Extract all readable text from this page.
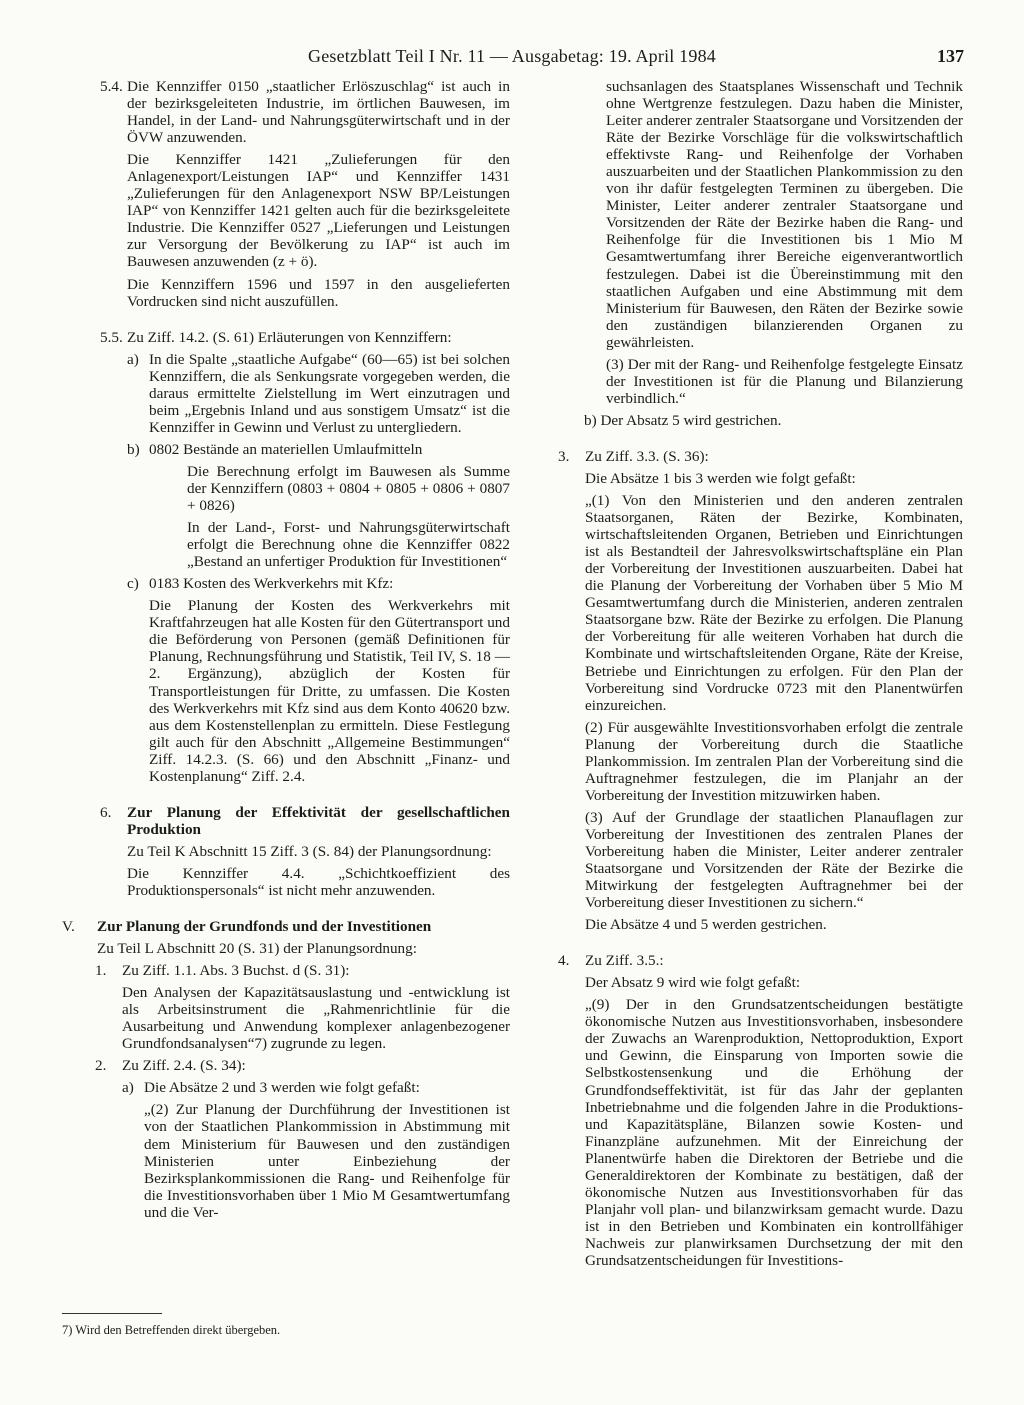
Gesetzblatt Teil I Nr. 11 — Ausgabetag: 19. April 1984	137
5.4. Die Kennziffer 0150 „staatlicher Erlöszuschlag“ ist auch in der bezirksgeleiteten Industrie, im örtlichen Bauwesen, im Handel, in der Land- und Nahrungsgüterwirtschaft und in der ÖVW anzuwenden.

Die Kennziffer 1421 „Zulieferungen für den Anlagenexport/Leistungen IAP“ und Kennziffer 1431 „Zulieferungen für den Anlagenexport NSW BP/Leistungen IAP“ von Kennziffer 1421 gelten auch für die bezirksgeleitete Industrie. Die Kennziffer 0527 „Lieferungen und Leistungen zur Versorgung der Bevölkerung zu IAP“ ist auch im Bauwesen anzuwenden (z + ö).

Die Kennziffern 1596 und 1597 in den ausgelieferten Vordrucken sind nicht auszufüllen.

5.5. Zu Ziff. 14.2. (S. 61) Erläuterungen von Kennziffern:

a) In die Spalte „staatliche Aufgabe“ (60—65) ist bei solchen Kennziffern, die als Senkungsrate vorgegeben werden, die daraus ermittelte Zielstellung im Wert einzutragen und beim „Ergebnis Inland und aus sonstigem Umsatz“ ist die Kennziffer in Gewinn und Verlust zu untergliedern.

b) 0802 Bestände an materiellen Umlaufmitteln

Die Berechnung erfolgt im Bauwesen als Summe der Kennziffern (0803 + 0804 + 0805 + 0806 + 0807 + 0826)

In der Land-, Forst- und Nahrungsgüterwirtschaft erfolgt die Berechnung ohne die Kennziffer 0822 „Bestand an unfertiger Produktion für Investitionen“

c) 0183 Kosten des Werkverkehrs mit Kfz:

Die Planung der Kosten des Werkverkehrs mit Kraftfahrzeugen hat alle Kosten für den Gütertransport und die Beförderung von Personen (gemäß Definitionen für Planung, Rechnungsführung und Statistik, Teil IV, S. 18 — 2. Ergänzung), abzüglich der Kosten für Transportleistungen für Dritte, zu umfassen. Die Kosten des Werkverkehrs mit Kfz sind aus dem Konto 40620 bzw. aus dem Kostenstellenplan zu ermitteln. Diese Festlegung gilt auch für den Abschnitt „Allgemeine Bestimmungen“ Ziff. 14.2.3. (S. 66) und den Abschnitt „Finanz- und Kostenplanung“ Ziff. 2.4.

6. Zur Planung der Effektivität der gesellschaftlichen Produktion

Zu Teil K Abschnitt 15 Ziff. 3 (S. 84) der Planungsordnung:

Die Kennziffer 4.4. „Schichtkoeffizient des Produktionspersonals“ ist nicht mehr anzuwenden.

V. Zur Planung der Grundfonds und der Investitionen

Zu Teil L Abschnitt 20 (S. 31) der Planungsordnung:

1. Zu Ziff. 1.1. Abs. 3 Buchst. d (S. 31):

Den Analysen der Kapazitätsauslastung und -entwicklung ist als Arbeitsinstrument die „Rahmenrichtlinie für die Ausarbeitung und Anwendung komplexer anlagenbezogener Grundfondsanalysen“7) zugrunde zu legen.

2. Zu Ziff. 2.4. (S. 34):

a) Die Absätze 2 und 3 werden wie folgt gefaßt:

„(2) Zur Planung der Durchführung der Investitionen ist von der Staatlichen Plankommission in Abstimmung mit dem Ministerium für Bauwesen und den zuständigen Ministerien unter Einbeziehung der Bezirksplankommissionen die Rang- und Reihenfolge für die Investitionsvorhaben über 1 Mio M Gesamtwertumfang und die Ver-

7) Wird den Betreffenden direkt übergeben.

suchsanlagen des Staatsplanes Wissenschaft und Technik ohne Wertgrenze festzulegen. Dazu haben die Minister, Leiter anderer zentraler Staatsorgane und Vorsitzenden der Räte der Bezirke Vorschläge für die volkswirtschaftlich effektivste Rang- und Reihenfolge der Vorhaben auszuarbeiten und der Staatlichen Plankommission zu den von ihr dafür festgelegten Terminen zu übergeben. Die Minister, Leiter anderer zentraler Staatsorgane und Vorsitzenden der Räte der Bezirke haben die Rang- und Reihenfolge für die Investitionen bis 1 Mio M Gesamtwertumfang ihrer Bereiche eigenverantwortlich festzulegen. Dabei ist die Übereinstimmung mit den staatlichen Aufgaben und eine Abstimmung mit dem Ministerium für Bauwesen, den Räten der Bezirke sowie den zuständigen bilanzierenden Organen zu gewährleisten.

(3) Der mit der Rang- und Reihenfolge festgelegte Einsatz der Investitionen ist für die Planung und Bilanzierung verbindlich.“

b) Der Absatz 5 wird gestrichen.

3. Zu Ziff. 3.3. (S. 36):

Die Absätze 1 bis 3 werden wie folgt gefaßt:

„(1) Von den Ministerien und den anderen zentralen Staatsorganen, Räten der Bezirke, Kombinaten, wirtschaftsleitenden Organen, Betrieben und Einrichtungen ist als Bestandteil der Jahresvolkswirtschaftspläne ein Plan der Vorbereitung der Investitionen auszuarbeiten. Dabei hat die Planung der Vorbereitung der Vorhaben über 5 Mio M Gesamtwertumfang durch die Ministerien, anderen zentralen Staatsorgane bzw. Räte der Bezirke zu erfolgen. Die Planung der Vorbereitung für alle weiteren Vorhaben hat durch die Kombinate und wirtschaftsleitenden Organe, Räte der Kreise, Betriebe und Einrichtungen zu erfolgen. Für den Plan der Vorbereitung sind Vordrucke 0723 mit den Planentwürfen einzureichen.

(2) Für ausgewählte Investitionsvorhaben erfolgt die zentrale Planung der Vorbereitung durch die Staatliche Plankommission. Im zentralen Plan der Vorbereitung sind die Auftragnehmer festzulegen, die im Planjahr an der Vorbereitung der Investition mitzuwirken haben.

(3) Auf der Grundlage der staatlichen Planauflagen zur Vorbereitung der Investitionen des zentralen Planes der Vorbereitung haben die Minister, Leiter anderer zentraler Staatsorgane und Vorsitzenden der Räte der Bezirke die Mitwirkung der festgelegten Auftragnehmer bei der Vorbereitung dieser Investitionen zu sichern.“

Die Absätze 4 und 5 werden gestrichen.

4. Zu Ziff. 3.5.:

Der Absatz 9 wird wie folgt gefaßt:

„(9) Der in den Grundsatzentscheidungen bestätigte ökonomische Nutzen aus Investitionsvorhaben, insbesondere der Zuwachs an Warenproduktion, Nettoproduktion, Export und Gewinn, die Einsparung von Importen sowie die Selbstkostensenkung und die Erhöhung der Grundfondseffektivität, ist für das Jahr der geplanten Inbetriebnahme und die folgenden Jahre in die Produktions- und Kapazitätspläne, Bilanzen sowie Kosten- und Finanzpläne aufzunehmen. Mit der Einreichung der Planentwürfe haben die Direktoren der Betriebe und die Generaldirektoren der Kombinate zu bestätigen, daß der ökonomische Nutzen aus Investitionsvorhaben für das Planjahr voll plan- und bilanzwirksam gemacht wurde. Dazu ist in den Betrieben und Kombinaten ein kontrollfähiger Nachweis zur planwirksamen Durchsetzung der mit den Grundsatzentscheidungen für Investitions-
